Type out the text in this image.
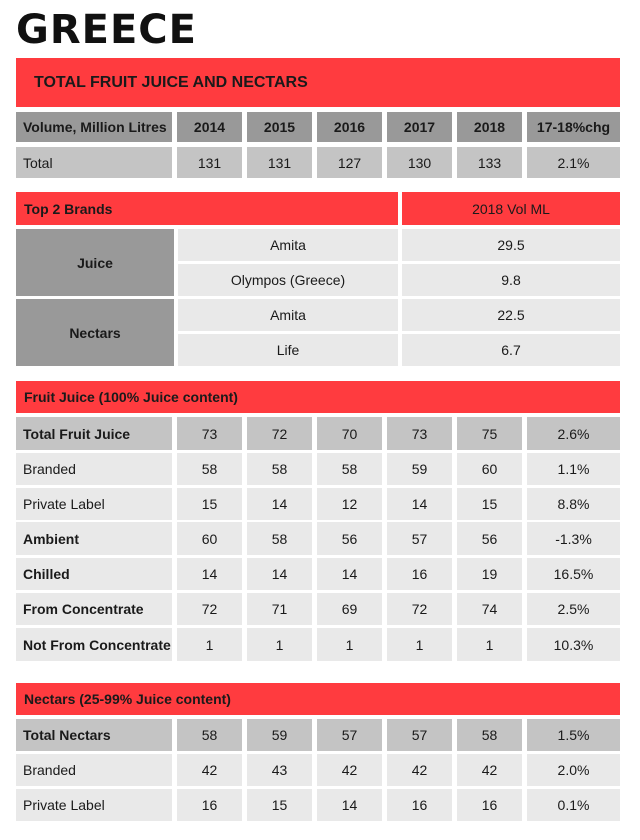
GREECE
TOTAL FRUIT JUICE AND NECTARS
Volume, Million Litres	2014	2015	2016	2017	2018	17-18%chg
Total	131	131	127	130	133	2.1%
Top 2 Brands	2018 Vol ML
Juice
Amita	29.5
Olympos (Greece)	9.8
Nectars
Amita	22.5
Life	6.7
Fruit Juice (100% Juice content)
Total Fruit Juice	73	72	70	73	75	2.6%
Branded	58	58	58	59	60	1.1%
Private Label	15	14	12	14	15	8.8%
Ambient	60	58	56	57	56	-1.3%
Chilled	14	14	14	16	19	16.5%
From Concentrate	72	71	69	72	74	2.5%
Not From Concentrate	1	1	1	1	1	10.3%
Nectars (25-99% Juice content)
Total Nectars	58	59	57	57	58	1.5%
Branded	42	43	42	42	42	2.0%
Private Label	16	15	14	16	16	0.1%
